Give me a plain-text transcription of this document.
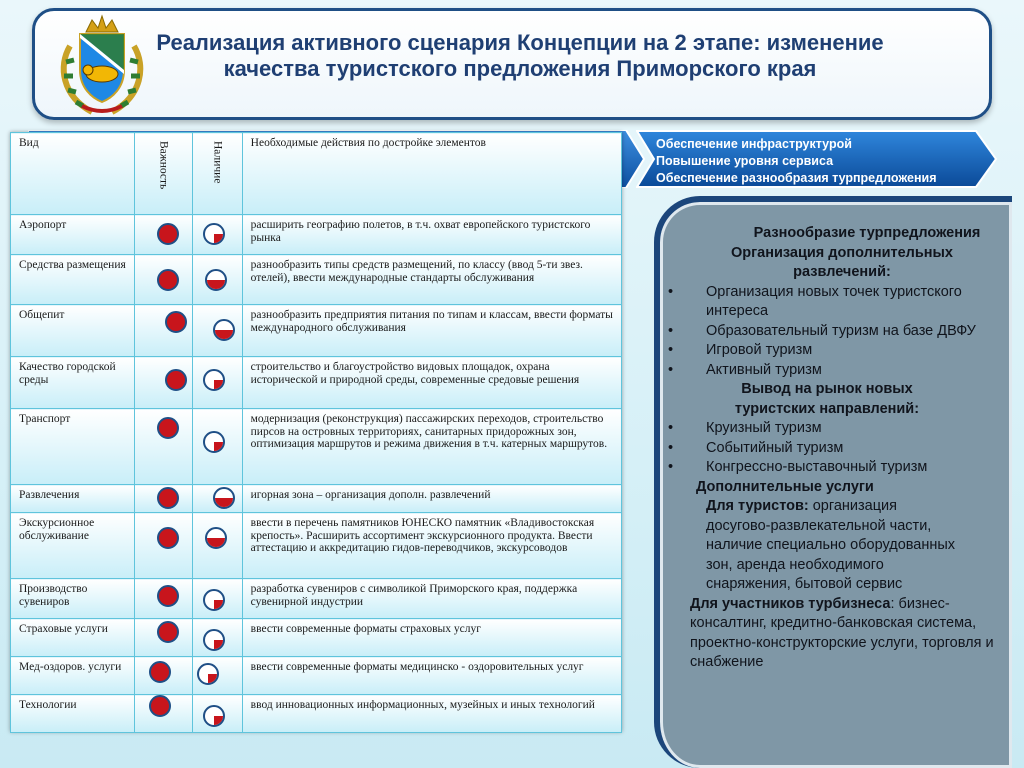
Реализация активного сценария Концепции на 2 этапе: изменение качества туристского предложения Приморского края
Обеспечение инфраструктурой
Повышение уровня сервиса
Обеспечение разнообразия турпредложения
Вид	Важность	Наличие	Необходимые действия по достройке элементов
Аэропорт			расширить географию полетов, в т.ч. охват европейского туристского рынка
Средства размещения			разнообразить типы средств размещений, по классу (ввод 5-ти звез. отелей), ввести международные стандарты обслуживания
Общепит			разнообразить предприятия питания по типам и классам, ввести форматы международного обслуживания
Качество городской среды			строительство и благоустройство видовых площадок, охрана исторической и природной среды, современные средовые решения
Транспорт			модернизация (реконструкция) пассажирских переходов, строительство пирсов на островных территориях, санитарных придорожных зон, оптимизация маршрутов и режима движения в т.ч. катерных маршрутов.
Развлечения			игорная зона – организация дополн. развлечений
Экскурсионное обслуживание			ввести в перечень памятников ЮНЕСКО памятник «Владивостокская крепость». Расширить ассортимент экскурсионного продукта. Ввести аттестацию и аккредитацию гидов-переводчиков, экскурсоводов
Производство сувениров			разработка сувениров с символикой Приморского края, поддержка сувенирной индустрии
Страховые услуги			ввести современные форматы страховых услуг
Мед-оздоров. услуги			ввести современные форматы медицинско - оздоровительных услуг
Технологии			ввод инновационных информационных, музейных и иных технологий
Разнообразие турпредложения
Организация дополнительных развлечений:
• Организация новых точек туристского интереса
• Образовательный туризм на базе ДВФУ
• Игровой туризм
• Активный туризм
Вывод на рынок новых туристских направлений:
• Круизный туризм
• Событийный туризм
• Конгрессно-выставочный туризм
Дополнительные услуги
Для туристов: организация досугово-развлекательной части, наличие специально оборудованных зон, аренда необходимого снаряжения, бытовой сервис
Для участников турбизнеса: бизнес-консалтинг, кредитно-банковская система, проектно-конструкторские услуги, торговля и снабжение
